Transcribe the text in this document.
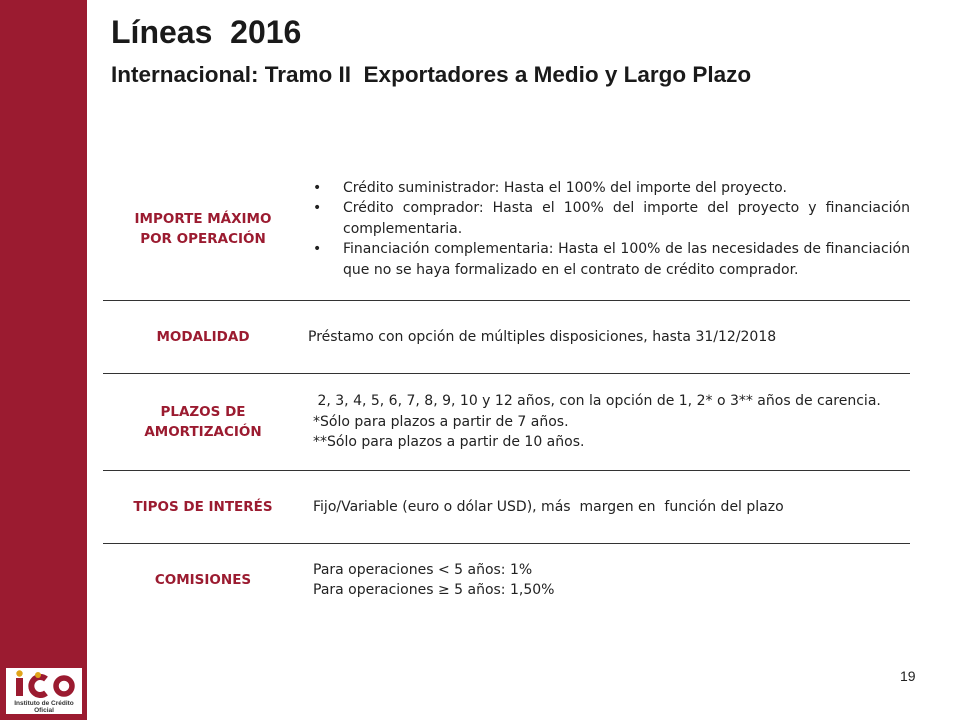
Líneas  2016
Internacional: Tramo II  Exportadores a Medio y Largo Plazo
IMPORTE MÁXIMO
POR OPERACIÓN
• Crédito suministrador: Hasta el 100% del importe del proyecto.
• Crédito comprador: Hasta el 100% del importe del proyecto y financiación complementaria.
• Financiación complementaria: Hasta el 100% de las necesidades de financiación que no se haya formalizado en el contrato de crédito comprador.
MODALIDAD	Préstamo con opción de múltiples disposiciones, hasta 31/12/2018
PLAZOS DE
AMORTIZACIÓN
2, 3, 4, 5, 6, 7, 8, 9, 10 y 12 años, con la opción de 1, 2* o 3** años de carencia.
*Sólo para plazos a partir de 7 años.
**Sólo para plazos a partir de 10 años.
TIPOS DE INTERÉS	Fijo/Variable (euro o dólar USD), más  margen en  función del plazo
COMISIONES
Para operaciones < 5 años: 1%
Para operaciones ≥ 5 años: 1,50%
Instituto de Crédito Oficial
19
